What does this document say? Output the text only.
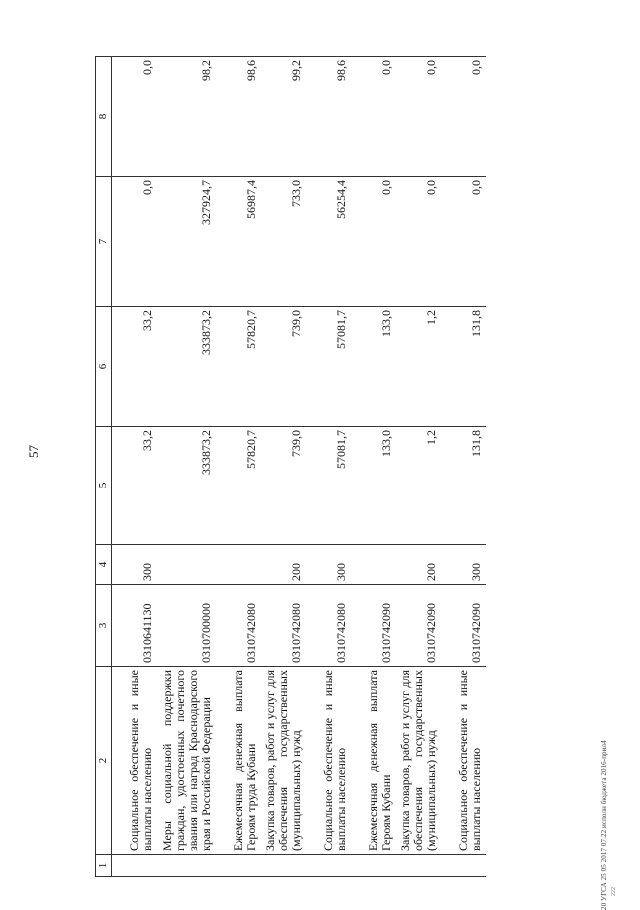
57
20 УГСА 25 05 2017 07.22 исполн бюджета 2016-прил4 222
1	2	3	4	5	6	7	8
	Социальное обеспечение и иные выплаты населению	0310641130	300	33,2	33,2	0,0	0,0
	Меры социальной поддержки граждан, удостоенных почетного звания или наград Краснодарского края и Российской Федерации	0310700000		333873,2	333873,2	327924,7	98,2
	Ежемесячная денежная выплата Героям труда Кубани	0310742080		57820,7	57820,7	56987,4	98,6
	Закупка товаров, работ и услуг для обеспечения государственных (муниципальных) нужд	0310742080	200	739,0	739,0	733,0	99,2
	Социальное обеспечение и иные выплаты населению	0310742080	300	57081,7	57081,7	56254,4	98,6
	Ежемесячная денежная выплата Героям Кубани	0310742090		133,0	133,0	0,0	0,0
	Закупка товаров, работ и услуг для обеспечения государственных (муниципальных) нужд	0310742090	200	1,2	1,2	0,0	0,0
	Социальное обеспечение и иные выплаты населению	0310742090	300	131,8	131,8	0,0	0,0
